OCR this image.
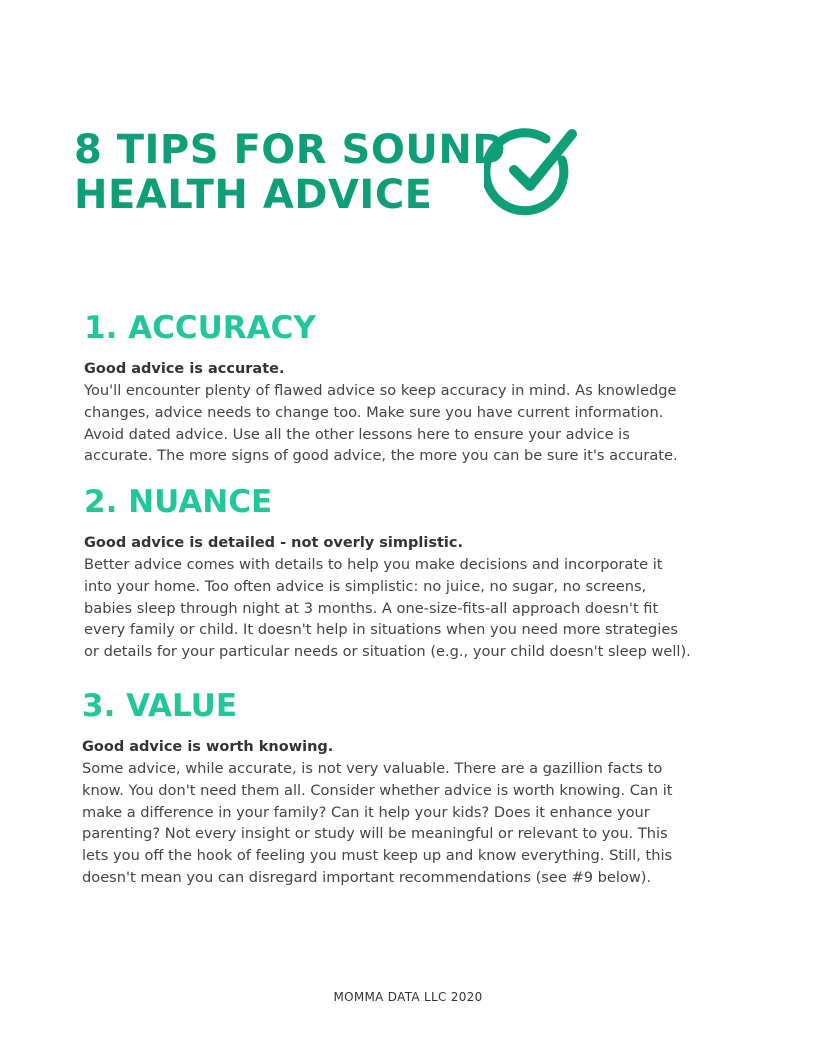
8 TIPS FOR SOUND
HEALTH ADVICE
1. ACCURACY

Good advice is accurate.

You'll encounter plenty of flawed advice so keep accuracy in mind. As knowledge
changes, advice needs to change too. Make sure you have current information.
Avoid dated advice. Use all the other lessons here to ensure your advice is
accurate. The more signs of good advice, the more you can be sure it's accurate.

2. NUANCE

Good advice is detailed - not overly simplistic.

Better advice comes with details to help you make decisions and incorporate it
into your home. Too often advice is simplistic: no juice, no sugar, no screens,
babies sleep through night at 3 months. A one-size-fits-all approach doesn't fit
every family or child. It doesn't help in situations when you need more strategies
or details for your particular needs or situation (e.g., your child doesn't sleep well).

3. VALUE

Good advice is worth knowing.

Some advice, while accurate, is not very valuable. There are a gazillion facts to
know. You don't need them all. Consider whether advice is worth knowing. Can it
make a difference in your family? Can it help your kids? Does it enhance your
parenting? Not every insight or study will be meaningful or relevant to you. This
lets you off the hook of feeling you must keep up and know everything. Still, this
doesn't mean you can disregard important recommendations (see #9 below).

MOMMA DATA LLC 2020
